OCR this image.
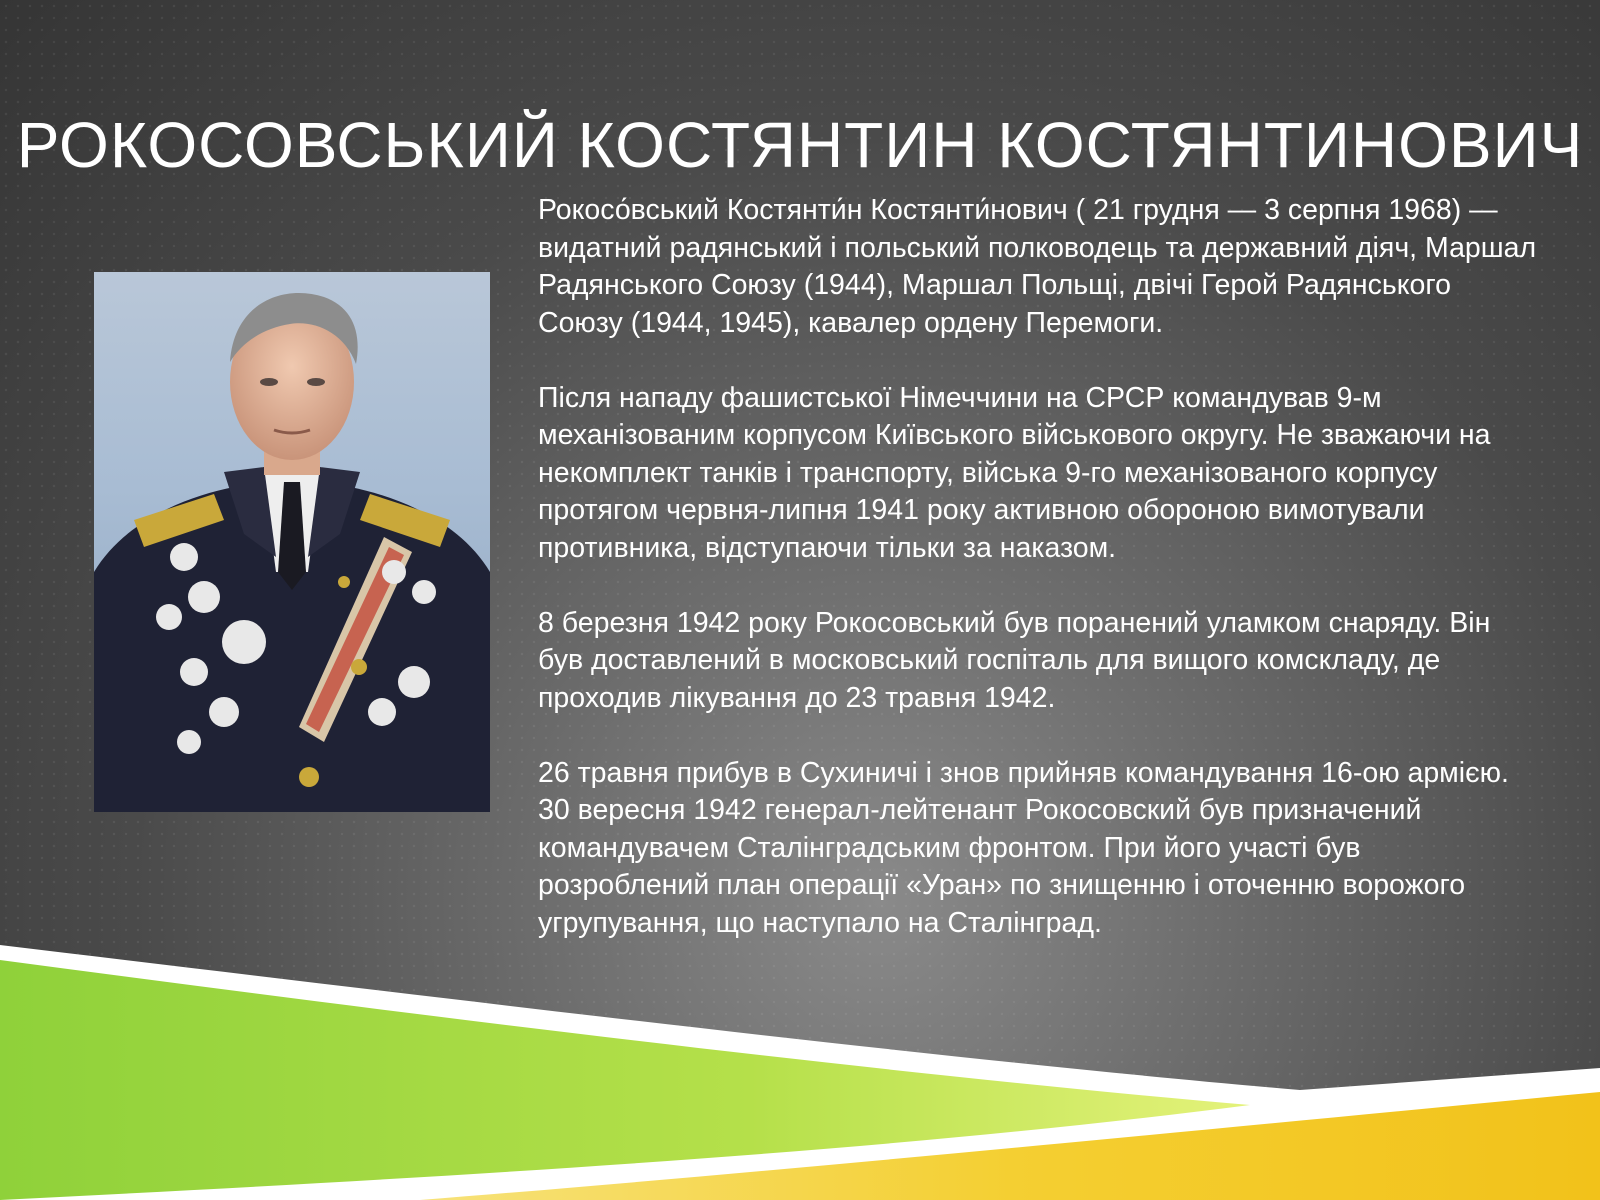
РОКОСОВСЬКИЙ КОСТЯНТИН КОСТЯНТИНОВИЧ

Рокосо́вський Костянти́н Костянти́нович ( 21 грудня — 3 серпня 1968) — видатний радянський і польський полководець та державний діяч, Маршал Радянського Союзу (1944), Маршал Польщі, двічі Герой Радянського Союзу (1944, 1945), кавалер ордену Перемоги.

Після нападу фашистської Німеччини на СРСР командував 9-м механізованим корпусом Київського військового округу. Не зважаючи на некомплект танків і транспорту, війська 9-го механізованого корпусу протягом червня-липня 1941 року активною обороною вимотували противника, відступаючи тільки за наказом.

8 березня 1942 року Рокосовський був поранений уламком снаряду. Він був доставлений в московський госпіталь для вищого комскладу, де проходив лікування до 23 травня 1942.

26 травня прибув в Сухиничі і знов прийняв командування 16-ою армією. 30 вересня 1942 генерал-лейтенант Рокосовский був призначений командувачем Сталінградським фронтом. При його участі був розроблений план операції «Уран» по знищенню і оточенню ворожого угрупування, що наступало на Сталінград.
